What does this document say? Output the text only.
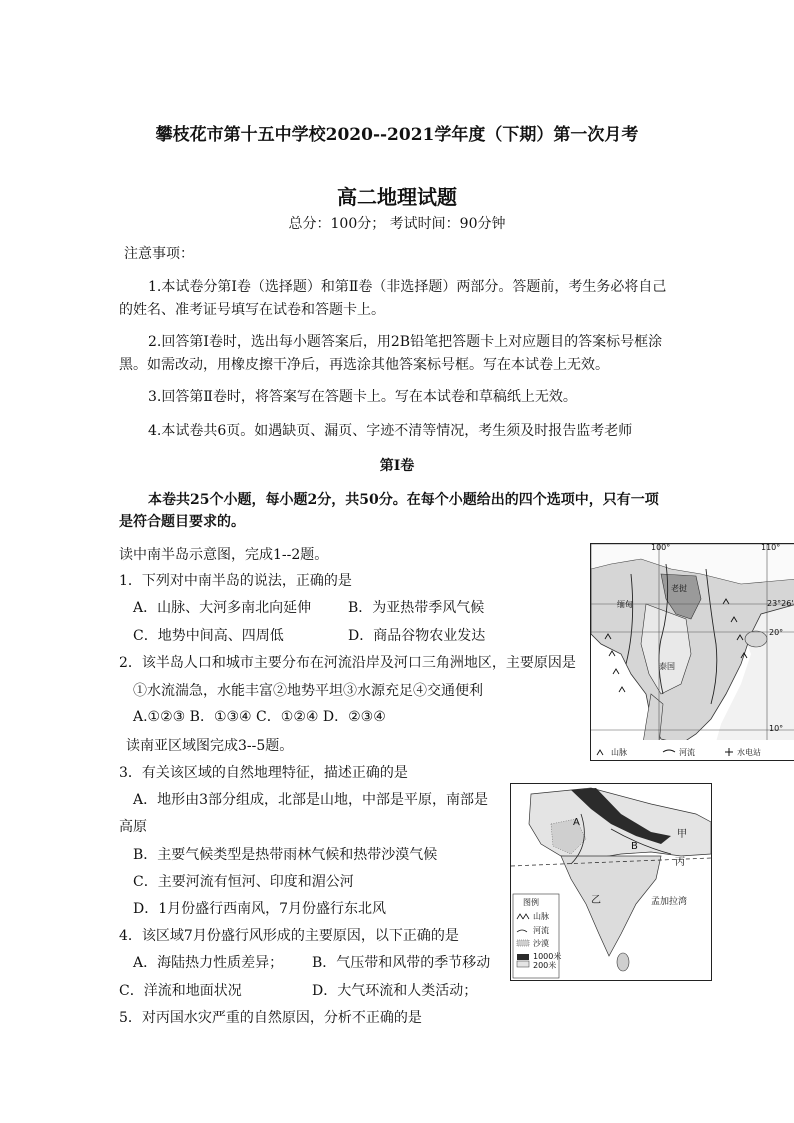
攀枝花市第十五中学校2020--2021学年度（下期）第一次月考
高二地理试题
总分：100分； 考试时间：90分钟
注意事项：
1.本试卷分第Ⅰ卷（选择题）和第Ⅱ卷（非选择题）两部分。答题前，考生务必将自己
的姓名、准考证号填写在试卷和答题卡上。
2.回答第Ⅰ卷时，选出每小题答案后，用2B铅笔把答题卡上对应题目的答案标号框涂
黑。如需改动，用橡皮擦干净后，再选涂其他答案标号框。写在本试卷上无效。
3.回答第Ⅱ卷时，将答案写在答题卡上。写在本试卷和草稿纸上无效。
4.本试卷共6页。如遇缺页、漏页、字迹不清等情况，考生须及时报告监考老师
第Ⅰ卷
本卷共25个小题，每小题2分，共50分。在每个小题给出的四个选项中，只有一项
是符合题目要求的。
读中南半岛示意图，完成1--2题。
1．下列对中南半岛的说法，正确的是
A．山脉、大河多南北向延伸	B．为亚热带季风气候
C．地势中间高、四周低	D．商品谷物农业发达
2．该半岛人口和城市主要分布在河流沿岸及河口三角洲地区，主要原因是
①水流湍急，水能丰富②地势平坦③水源充足④交通便利
A.①②③ B．①③④ C．①②④ D．②③④
读南亚区域图完成3--5题。
3．有关该区域的自然地理特征，描述正确的是
A．地形由3部分组成，北部是山地，中部是平原，南部是
高原
B．主要气候类型是热带雨林气候和热带沙漠气候
C．主要河流有恒河、印度和湄公河
D．1月份盛行西南风，7月份盛行东北风
4．该区域7月份盛行风形成的主要原因，以下正确的是
A．海陆热力性质差异； B．气压带和风带的季节移动
C．洋流和地面状况	D．大气环流和人类活动；
5．对丙国水灾严重的自然原因，分析不正确的是
100°	110°
23°26'
20°
10°
老挝
缅甸
泰国
山脉	河流	水电站
A
B
甲
丙
乙	孟加拉湾
图例
山脉
河流
沙漠
1000米
200米
